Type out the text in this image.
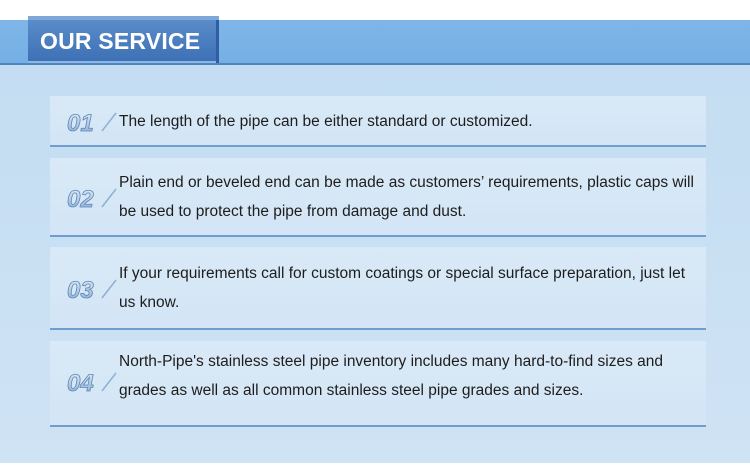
OUR SERVICE
01 The length of the pipe can be either standard or customized.
02
Plain end or beveled end can be made as customers’ requirements, plastic caps will be used to protect the pipe from damage and dust.
03
If your requirements call for custom coatings or special surface preparation, just let us know.
04
North-Pipe's stainless steel pipe inventory includes many hard-to-find sizes and grades as well as all common stainless steel pipe grades and sizes.
